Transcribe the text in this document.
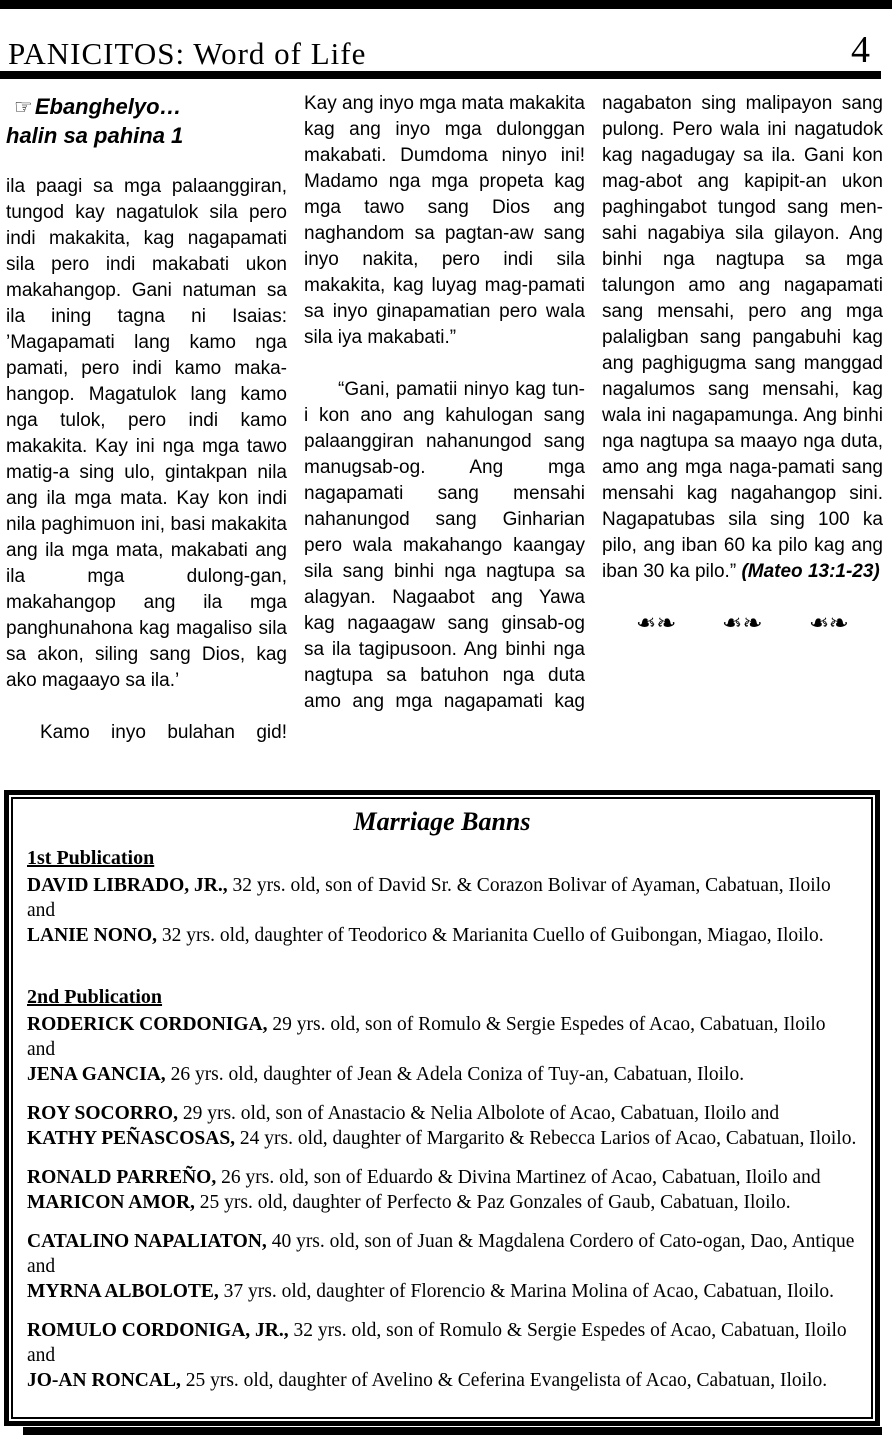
PANICITOS: Word of Life	4
☞Ebanghelyo…
halin sa pahina 1

ila paagi sa mga palaanggiran, tungod kay nagatulok sila pero indi makakita, kag nagapamati sila pero indi makabati ukon makahangop. Gani natuman sa ila ining tagna ni Isaias: ’Magapamati lang kamo nga pamati, pero indi kamo maka-hangop. Magatulok lang kamo nga tulok, pero indi kamo makakita. Kay ini nga mga tawo matig-a sing ulo, gintakpan nila ang ila mga mata. Kay kon indi nila paghimuon ini, basi makakita ang ila mga mata, makabati ang ila mga dulong-gan, makahangop ang ila mga panghunahona kag magaliso sila sa akon, siling sang Dios, kag ako magaayo sa ila.’

Kamo inyo bulahan gid!

Kay ang inyo mga mata makakita kag ang inyo mga dulonggan makabati. Dumdoma ninyo ini! Madamo nga mga propeta kag mga tawo sang Dios ang naghandom sa pagtan-aw sang inyo nakita, pero indi sila makakita, kag luyag mag-pamati sa inyo ginapamatian pero wala sila iya makabati.”

“Gani, pamatii ninyo kag tun-i kon ano ang kahulogan sang palaanggiran nahanungod sang manugsab-og. Ang mga nagapamati sang mensahi nahanungod sang Ginharian pero wala makahango kaangay sila sang binhi nga nagtupa sa alagyan. Nagaabot ang Yawa kag nagaagaw sang ginsab-og sa ila tagipusoon. Ang binhi nga nagtupa sa batuhon nga duta amo ang mga nagapamati kag

nagabaton sing malipayon sang pulong. Pero wala ini nagatudok kag nagadugay sa ila. Gani kon mag-abot ang kapipit-an ukon paghingabot tungod sang men-sahi nagabiya sila gilayon. Ang binhi nga nagtupa sa mga talungon amo ang nagapamati sang mensahi, pero ang mga palaligban sang pangabuhi kag ang paghigugma sang manggad nagalumos sang mensahi, kag wala ini nagapamunga. Ang binhi nga nagtupa sa maayo nga duta, amo ang mga naga-pamati sang mensahi kag nagahangop sini. Nagapatubas sila sing 100 ka pilo, ang iban 60 ka pilo kag ang iban 30 ka pilo.” (Mateo 13:1-23)

❧ ❧ ❧ ❧ ❧ ❧
Marriage Banns
1st Publication

DAVID LIBRADO, JR., 32 yrs. old, son of David Sr. & Corazon Bolivar of Ayaman, Cabatuan, Iloilo and
LANIE NONO, 32 yrs. old, daughter of Teodorico & Marianita Cuello of Guibongan, Miagao, Iloilo.

2nd Publication

RODERICK CORDONIGA, 29 yrs. old, son of Romulo & Sergie Espedes of Acao, Cabatuan, Iloilo and
JENA GANCIA, 26 yrs. old, daughter of Jean & Adela Coniza of Tuy-an, Cabatuan, Iloilo.

ROY SOCORRO, 29 yrs. old, son of Anastacio & Nelia Albolote of Acao, Cabatuan, Iloilo and
KATHY PEÑASCOSAS, 24 yrs. old, daughter of Margarito & Rebecca Larios of Acao, Cabatuan, Iloilo.

RONALD PARREÑO, 26 yrs. old, son of Eduardo & Divina Martinez of Acao, Cabatuan, Iloilo and
MARICON AMOR, 25 yrs. old, daughter of Perfecto & Paz Gonzales of Gaub, Cabatuan, Iloilo.

CATALINO NAPALIATON, 40 yrs. old, son of Juan & Magdalena Cordero of Cato-ogan, Dao, Antique and
MYRNA ALBOLOTE, 37 yrs. old, daughter of Florencio & Marina Molina of Acao, Cabatuan, Iloilo.

ROMULO CORDONIGA, JR., 32 yrs. old, son of Romulo & Sergie Espedes of Acao, Cabatuan, Iloilo and
JO-AN RONCAL, 25 yrs. old, daughter of Avelino & Ceferina Evangelista of Acao, Cabatuan, Iloilo.
